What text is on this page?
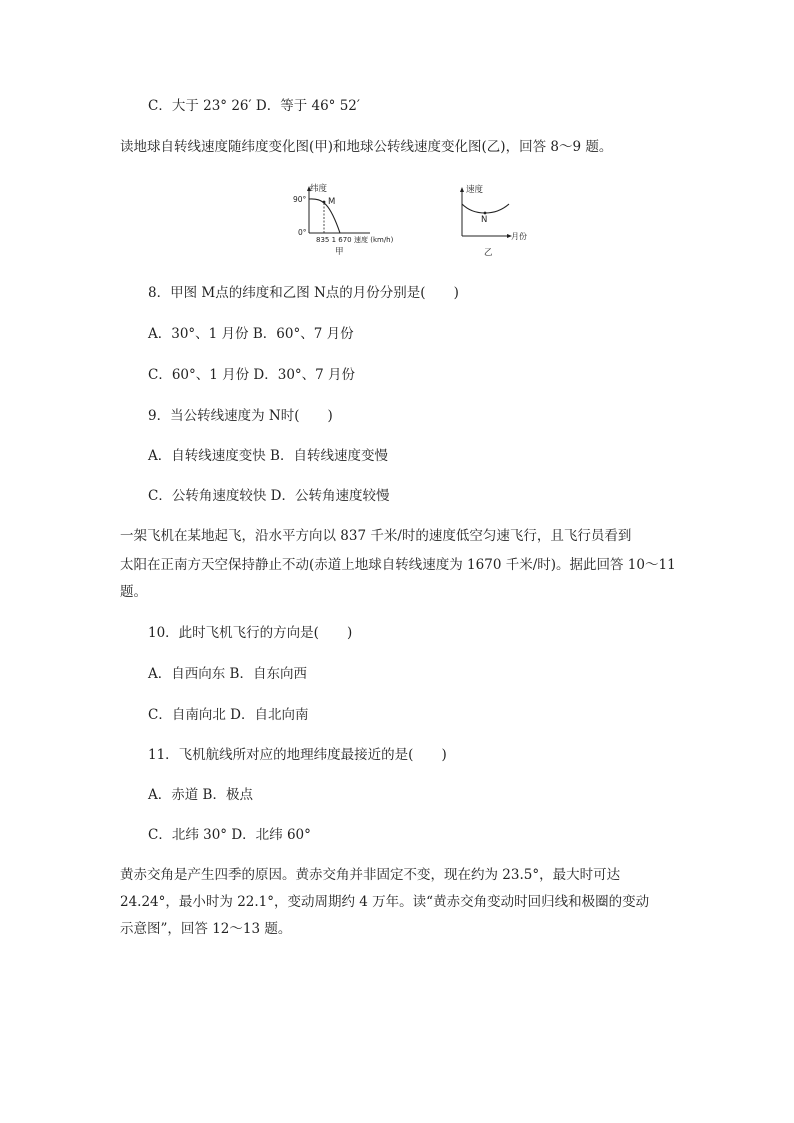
C．大于 23° 26′ D．等于 46° 52′
读地球自转线速度随纬度变化图(甲)和地球公转线速度变化图(乙)，回答 8～9 题。
纬度
90°
0°
M
835 1 670 速度 (km/h)
甲
速度
N
月份
乙
8．甲图 M点的纬度和乙图 N点的月份分别是( )
A．30°、1 月份 B．60°、7 月份
C．60°、1 月份 D．30°、7 月份
9．当公转线速度为 N时( )
A．自转线速度变快 B．自转线速度变慢
C．公转角速度较快 D．公转角速度较慢
一架飞机在某地起飞，沿水平方向以 837 千米/时的速度低空匀速飞行，且飞行员看到
太阳在正南方天空保持静止不动(赤道上地球自转线速度为 1670 千米/时)。据此回答 10～11
题。
10．此时飞机飞行的方向是( )
A．自西向东 B．自东向西
C．自南向北 D．自北向南
11．飞机航线所对应的地理纬度最接近的是( )
A．赤道 B．极点
C．北纬 30° D．北纬 60°
黄赤交角是产生四季的原因。黄赤交角并非固定不变，现在约为 23.5°，最大时可达
24.24°，最小时为 22.1°，变动周期约 4 万年。读“黄赤交角变动时回归线和极圈的变动
示意图”，回答 12～13 题。
